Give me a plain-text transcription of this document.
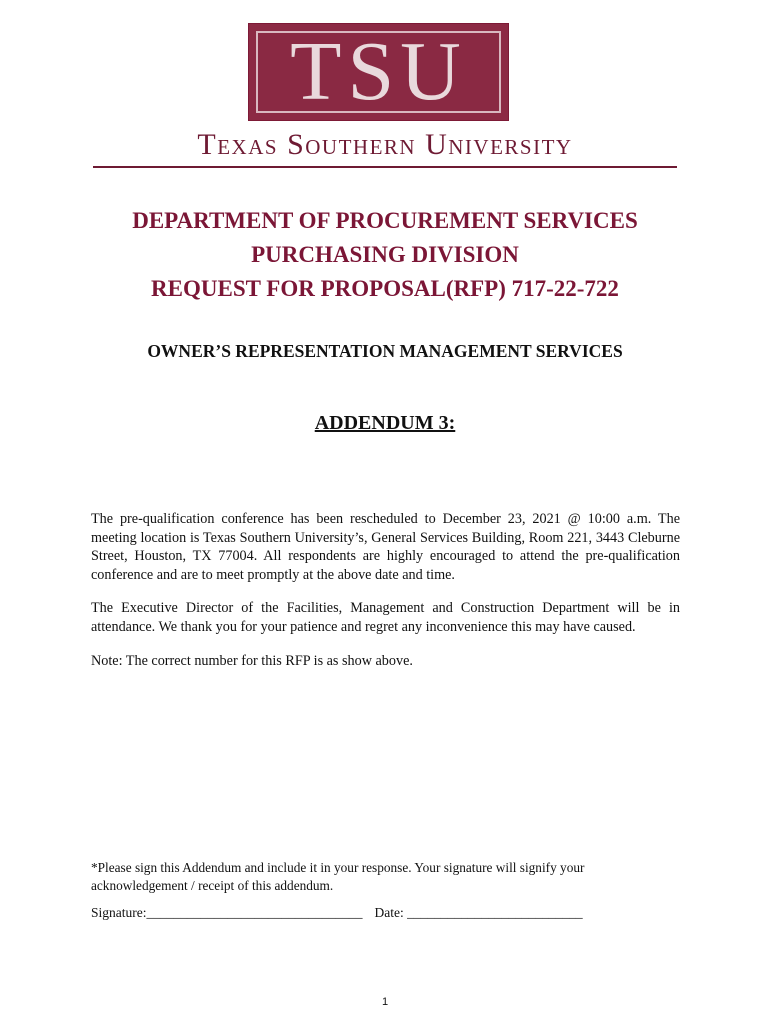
TSU
Texas Southern University
DEPARTMENT OF PROCUREMENT SERVICES
PURCHASING DIVISION
REQUEST FOR PROPOSAL(RFP) 717-22-722
OWNER’S REPRESENTATION MANAGEMENT SERVICES
ADDENDUM 3:
The pre-qualification conference has been rescheduled to December 23, 2021 @ 10:00 a.m. The meeting location is Texas Southern University’s, General Services Building, Room 221, 3443 Cleburne Street, Houston, TX 77004. All respondents are highly encouraged to attend the pre-qualification conference and are to meet promptly at the above date and time.
The Executive Director of the Facilities, Management and Construction Department will be in attendance. We thank you for your patience and regret any inconvenience this may have caused.
Note: The correct number for this RFP is as show above.
*Please sign this Addendum and include it in your response. Your signature will signify your acknowledgement / receipt of this addendum.
Signature:________________________________ Date: __________________________
1
